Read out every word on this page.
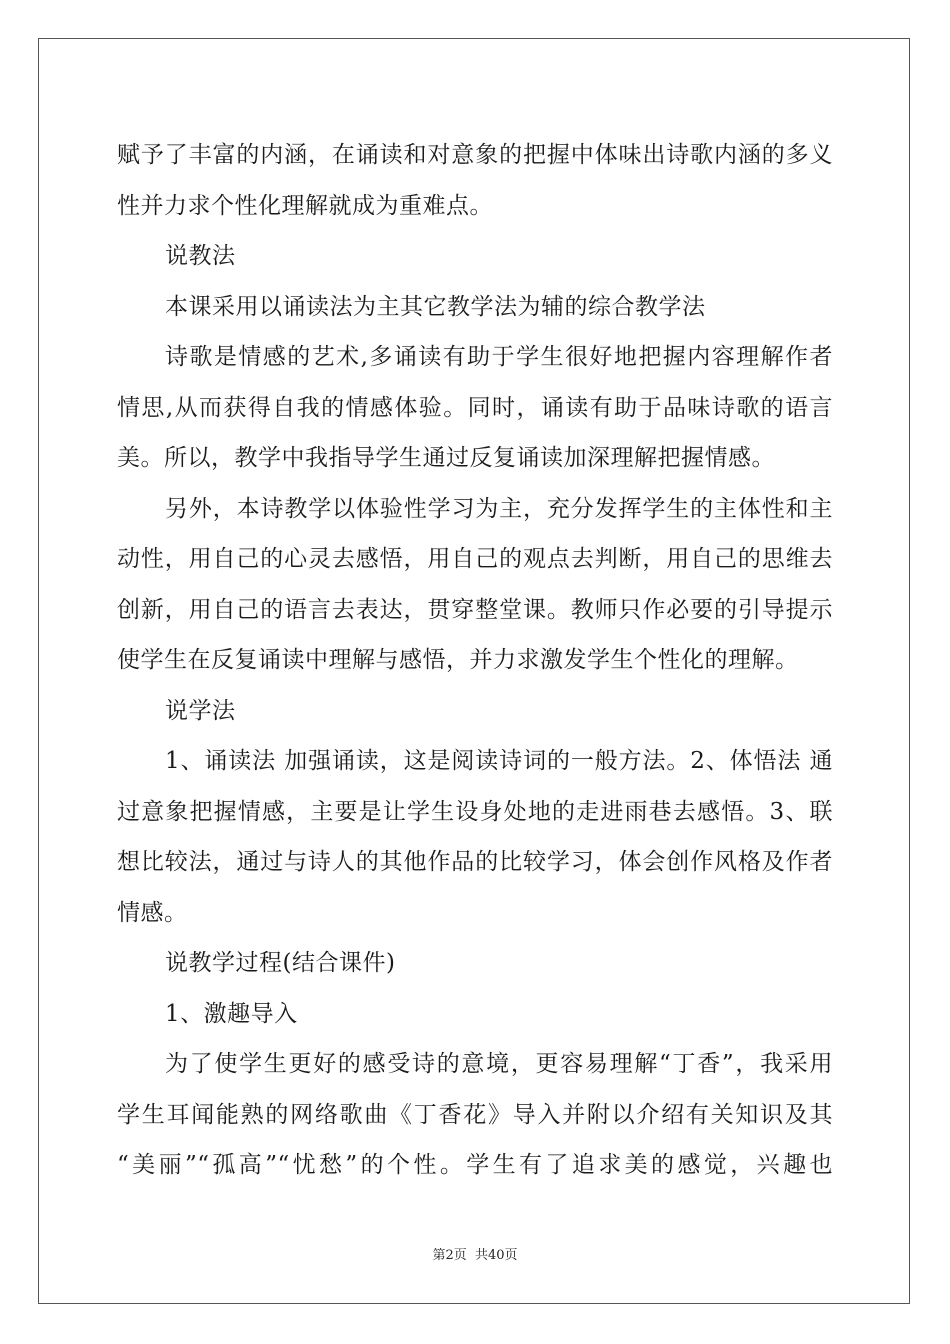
赋予了丰富的内涵，在诵读和对意象的把握中体味出诗歌内涵的多义
性并力求个性化理解就成为重难点。
说教法
本课采用以诵读法为主其它教学法为辅的综合教学法
诗歌是情感的艺术,多诵读有助于学生很好地把握内容理解作者
情思,从而获得自我的情感体验。同时，诵读有助于品味诗歌的语言
美。所以，教学中我指导学生通过反复诵读加深理解把握情感。
另外，本诗教学以体验性学习为主，充分发挥学生的主体性和主
动性，用自己的心灵去感悟，用自己的观点去判断，用自己的思维去
创新，用自己的语言去表达，贯穿整堂课。教师只作必要的引导提示
使学生在反复诵读中理解与感悟，并力求激发学生个性化的理解。
说学法
1、诵读法 加强诵读，这是阅读诗词的一般方法。2、体悟法 通
过意象把握情感，主要是让学生设身处地的走进雨巷去感悟。3、联
想比较法，通过与诗人的其他作品的比较学习，体会创作风格及作者
情感。
说教学过程(结合课件)
1、激趣导入
为了使学生更好的感受诗的意境，更容易理解“丁香”，我采用
学生耳闻能熟的网络歌曲《丁香花》导入并附以介绍有关知识及其
“美丽”“孤高”“忧愁”的个性。学生有了追求美的感觉，兴趣也
第2页 共40页
